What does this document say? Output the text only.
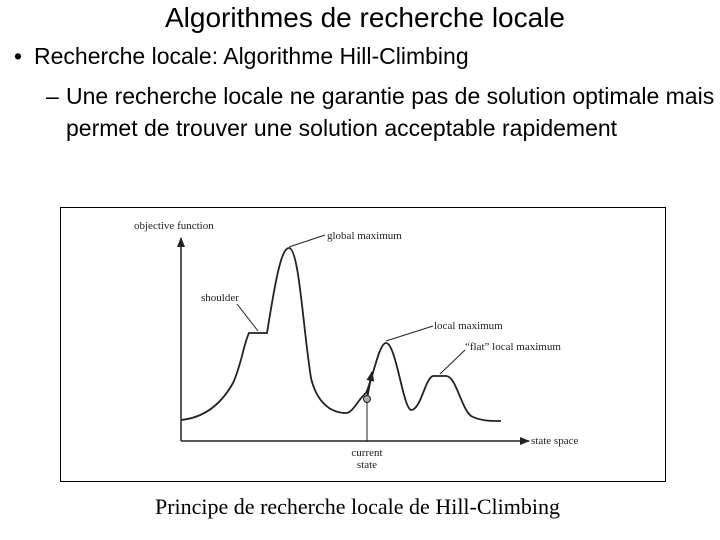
Algorithmes de recherche locale
• Recherche locale: Algorithme Hill-Climbing
– Une recherche locale ne garantie pas de solution optimale mais permet de trouver une solution acceptable rapidement
objective function
state space
global maximum
shoulder
local maximum
“flat” local maximum
current
state
Principe de recherche locale de Hill-Climbing
